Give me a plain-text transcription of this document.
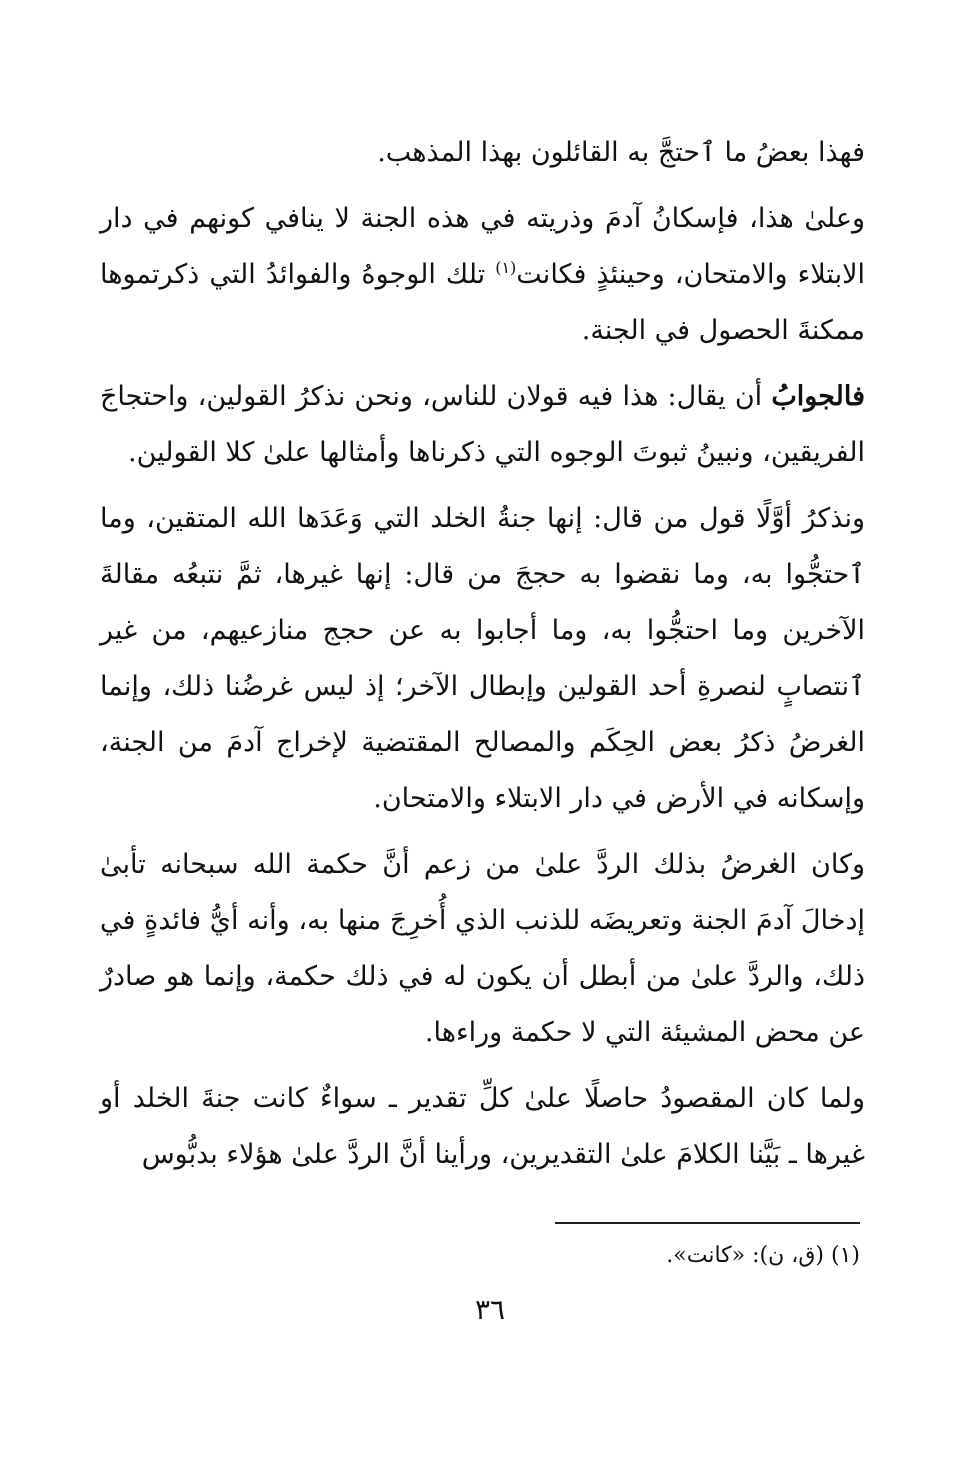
فهذا بعضُ ما ٱحتجَّ به القائلون بهذا المذهب.

وعلىٰ هذا، فإسكانُ آدمَ وذريته في هذه الجنة لا ينافي كونهم في دار الابتلاء والامتحان، وحينئذٍ فكانت$^{(١)}$ تلك الوجوهُ والفوائدُ التي ذكرتموها ممكنةَ الحصول في الجنة.

فالجوابُ أن يقال: هذا فيه قولان للناس، ونحن نذكرُ القولين، واحتجاجَ الفريقين، ونبينُ ثبوتَ الوجوه التي ذكرناها وأمثالها علىٰ كلا القولين.

ونذكرُ أوَّلًا قول من قال: إنها جنةُ الخلد التي وَعَدَها الله المتقين، وما ٱحتجُّوا به، وما نقضوا به حججَ من قال: إنها غيرها، ثمَّ نتبعُه مقالةَ الآخرين وما احتجُّوا به، وما أجابوا به عن حجج منازعيهم، من غير ٱنتصابٍ لنصرةِ أحد القولين وإبطال الآخر؛ إذ ليس غرضُنا ذلك، وإنما الغرضُ ذكرُ بعض الحِكَم والمصالح المقتضية لإخراج آدمَ من الجنة، وإسكانه في الأرض في دار الابتلاء والامتحان.

وكان الغرضُ بذلك الردَّ علىٰ من زعم أنَّ حكمة الله سبحانه تأبىٰ إدخالَ آدمَ الجنة وتعريضَه للذنب الذي أُخرِجَ منها به، وأنه أيُّ فائدةٍ في ذلك، والردَّ علىٰ من أبطل أن يكون له في ذلك حكمة، وإنما هو صادرٌ عن محض المشيئة التي لا حكمة وراءها.

ولما كان المقصودُ حاصلًا علىٰ كلِّ تقدير ـ سواءٌ كانت جنةَ الخلد أو غيرها ـ بَيَّنا الكلامَ علىٰ التقديرين، ورأينا أنَّ الردَّ علىٰ هؤلاء بدبُّوس

(١) (ق، ن): «كانت».
٣٦
